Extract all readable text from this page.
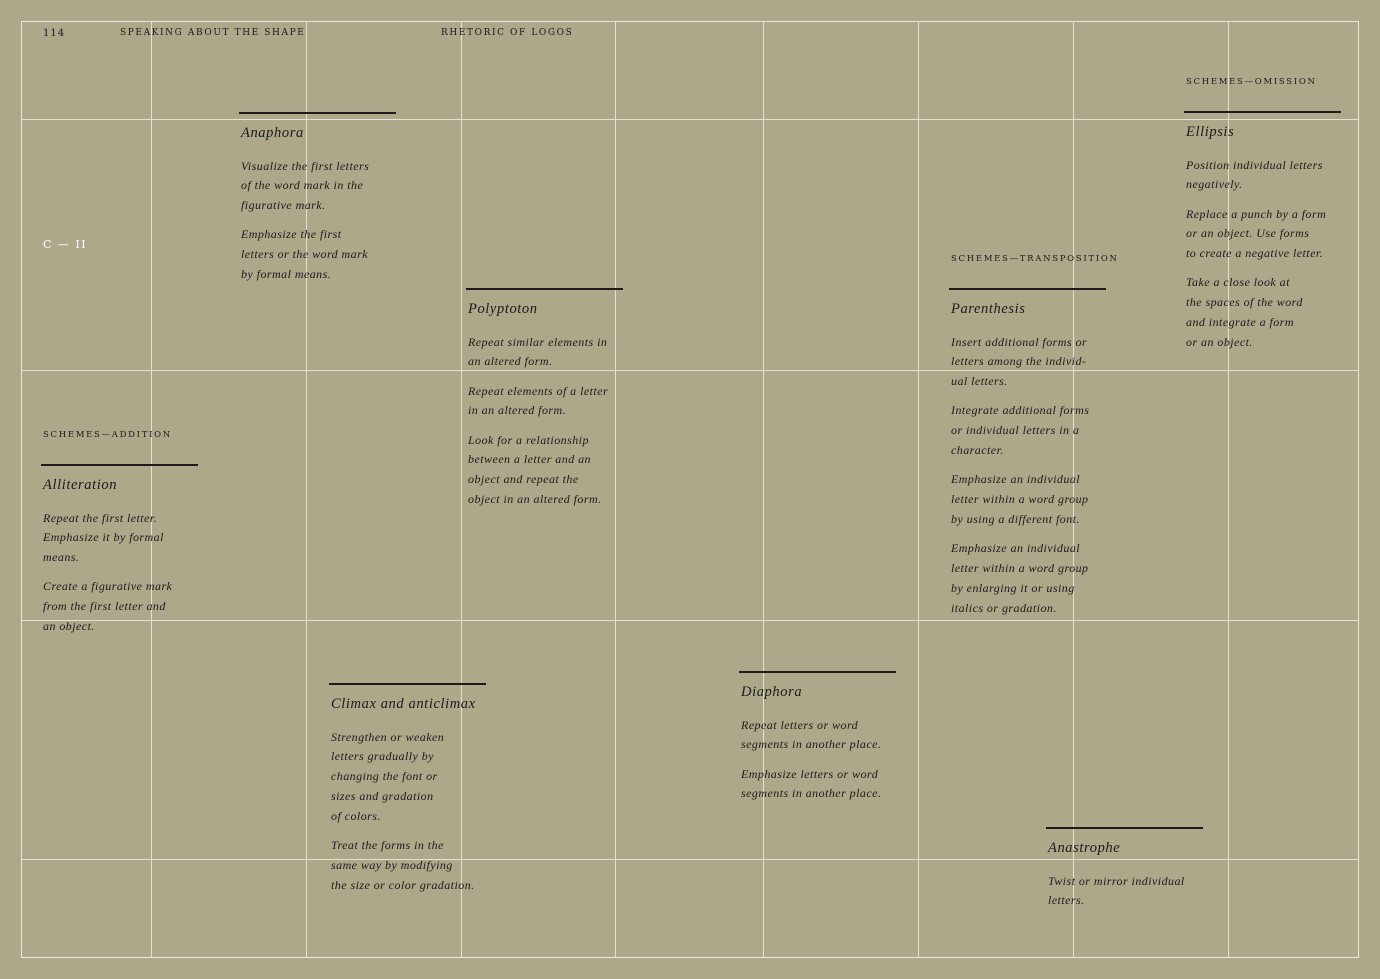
114	SPEAKING ABOUT THE SHAPE	RHETORIC OF LOGOS
C — II
SCHEMES—OMISSION
SCHEMES—TRANSPOSITION
SCHEMES—ADDITION
Anaphora
Visualize the first letters
of the word mark in the
figurative mark.
Emphasize the first
letters or the word mark
by formal means.
Ellipsis
Position individual letters
negatively.
Replace a punch by a form
or an object. Use forms
to create a negative letter.
Take a close look at
the spaces of the word
and integrate a form
or an object.
Polyptoton
Repeat similar elements in
an altered form.
Repeat elements of a letter
in an altered form.
Look for a relationship
between a letter and an
object and repeat the
object in an altered form.
Parenthesis
Insert additional forms or
letters among the individ-
ual letters.
Integrate additional forms
or individual letters in a
character.
Emphasize an individual
letter within a word group
by using a different font.
Emphasize an individual
letter within a word group
by enlarging it or using
italics or gradation.
Alliteration
Repeat the first letter.
Emphasize it by formal
means.
Create a figurative mark
from the first letter and
an object.
Climax and anticlimax
Strengthen or weaken
letters gradually by
changing the font or
sizes and gradation
of colors.
Treat the forms in the
same way by modifying
the size or color gradation.
Diaphora
Repeat letters or word
segments in another place.
Emphasize letters or word
segments in another place.
Anastrophe
Twist or mirror individual
letters.
